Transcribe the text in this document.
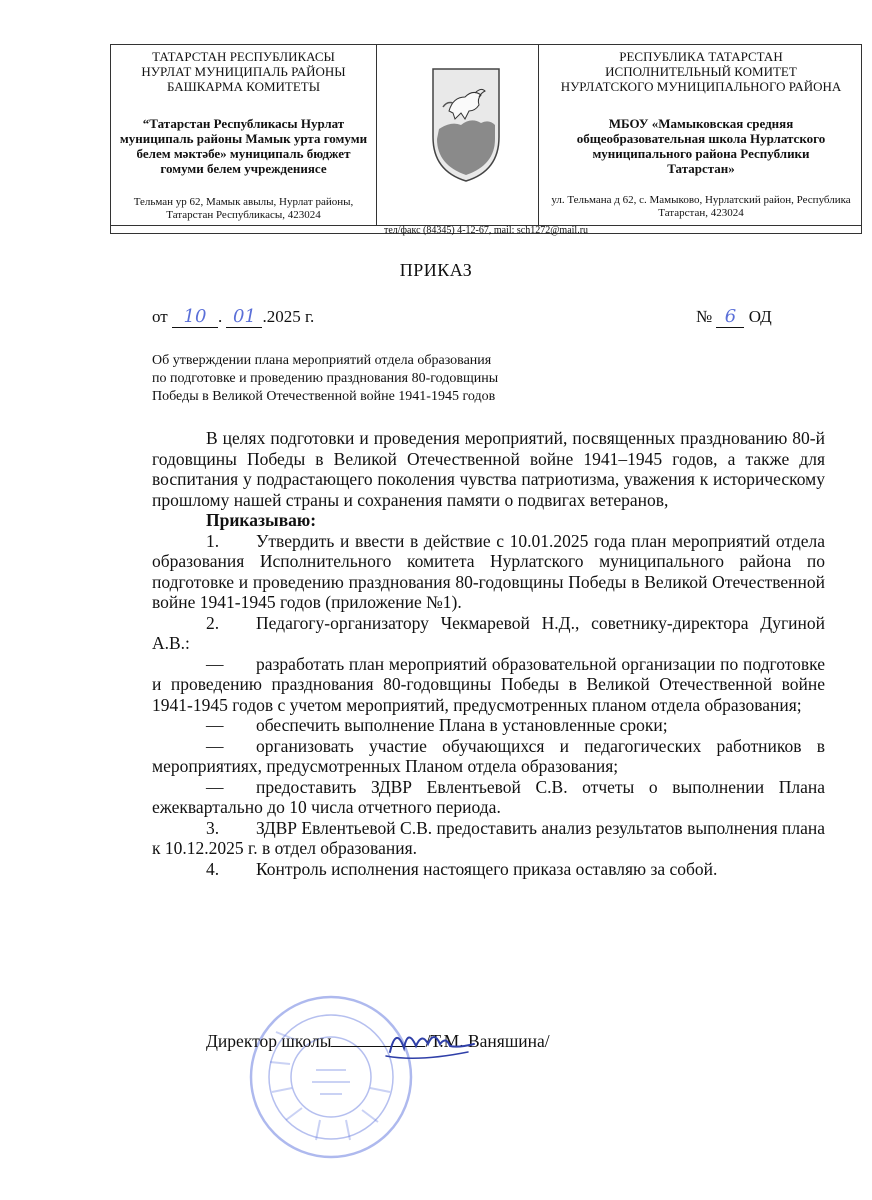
ТАТАРСТАН РЕСПУБЛИКАСЫ
НУРЛАТ МУНИЦИПАЛЬ РАЙОНЫ
БАШКАРМА КОМИТЕТЫ
“Татарстан Республикасы Нурлат
муниципаль районы Мамык урта гомуми
белем мәктәбе» муниципаль бюджет
гомуми белем учреждениясе
Тельман ур 62, Мамык авылы, Нурлат районы,
Татарстан Республикасы, 423024
РЕСПУБЛИКА ТАТАРСТАН
ИСПОЛНИТЕЛЬНЫЙ КОМИТЕТ
НУРЛАТСКОГО МУНИЦИПАЛЬНОГО РАЙОНА
МБОУ «Мамыковская средняя
общеобразовательная школа Нурлатского
муниципального района Республики
Татарстан»
ул. Тельмана д 62, с. Мамыково, Нурлатский район, Республика
Татарстан, 423024
тел/факс (84345) 4-12-67, mail: sch1272@mail.ru
ПРИКАЗ
от 10 . 01 .2025 г.	№ 6 ОД
Об утверждении плана мероприятий отдела образования
по подготовке и проведению празднования 80-годовщины
Победы в Великой Отечественной войне 1941-1945 годов

В целях подготовки и проведения мероприятий, посвященных празднованию 80-й годовщины Победы в Великой Отечественной войне 1941–1945 годов, а также для воспитания у подрастающего поколения чувства патриотизма, уважения к историческому прошлому нашей страны и сохранения памяти о подвигах ветеранов,

Приказываю:

1. Утвердить и ввести в действие с 10.01.2025 года план мероприятий отдела образования Исполнительного комитета Нурлатского муниципального района по подготовке и проведению празднования 80-годовщины Победы в Великой Отечественной войне 1941-1945 годов (приложение №1).

2. Педагогу-организатору Чекмаревой Н.Д., советнику-директора Дугиной А.В.:

— разработать план мероприятий образовательной организации по подготовке и проведению празднования 80-годовщины Победы в Великой Отечественной войне 1941-1945 годов с учетом мероприятий, предусмотренных планом отдела образования;

— обеспечить выполнение Плана в установленные сроки;

— организовать участие обучающихся и педагогических работников в мероприятиях, предусмотренных Планом отдела образования;

— предоставить ЗДВР Евлентьевой С.В. отчеты о выполнении Плана ежеквартально до 10 числа отчетного периода.

3. ЗДВР Евлентьевой С.В. предоставить анализ результатов выполнения плана к 10.12.2025 г. в отдел образования.

4. Контроль исполнения настоящего приказа оставляю за собой.

Директор школы	/Т.М. Ваняшина/
